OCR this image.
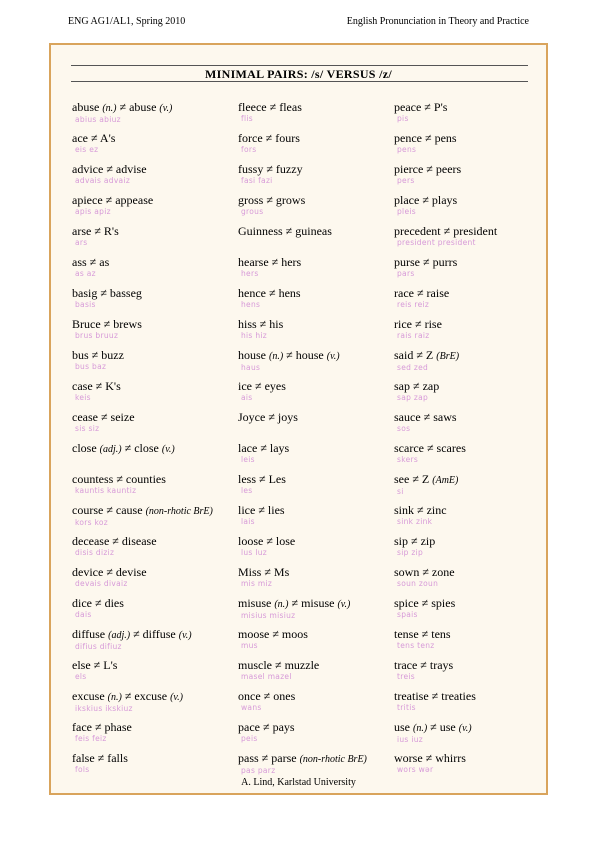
ENG AG1/AL1, Spring 2010	English Pronunciation in Theory and Practice
MINIMAL PAIRS: /s/ VERSUS /z/
abuse (n.) ≠ abuse (v.)
abius abiuz
ace ≠ A's
eis ez
advice ≠ advise
advais advaiz
apiece ≠ appease
apis apiz
arse ≠ R's
ars
ass ≠ as
as az
basig ≠ basseg
basis
Bruce ≠ brews
brus bruuz
bus ≠ buzz
bus baz
case ≠ K's
keis
cease ≠ seize
sis siz
close (adj.) ≠ close (v.)
countess ≠ counties
kauntis kauntiz
course ≠ cause (non-rhotic BrE)
kors koz
decease ≠ disease
disis diziz
device ≠ devise
devais divaiz
dice ≠ dies
dais
diffuse (adj.) ≠ diffuse (v.)
difius difiuz
else ≠ L's
els
excuse (n.) ≠ excuse (v.)
ikskius ikskiuz
face ≠ phase
feis feiz
false ≠ falls
fols
fleece ≠ fleas
flis
force ≠ fours
fors
fussy ≠ fuzzy
fasi fazi
gross ≠ grows
grous
Guinness ≠ guineas
hearse ≠ hers
hers
hence ≠ hens
hens
hiss ≠ his
his hiz
house (n.) ≠ house (v.)
haus
ice ≠ eyes
ais
Joyce ≠ joys
lace ≠ lays
leis
less ≠ Les
les
lice ≠ lies
lais
loose ≠ lose
lus luz
Miss ≠ Ms
mis miz
misuse (n.) ≠ misuse (v.)
misius misiuz
moose ≠ moos
mus
muscle ≠ muzzle
masel mazel
once ≠ ones
wans
pace ≠ pays
peis
pass ≠ parse (non-rhotic BrE)
pas parz
peace ≠ P's
pis
pence ≠ pens
pens
pierce ≠ peers
pers
place ≠ plays
pleis
precedent ≠ president
president president
purse ≠ purrs
pars
race ≠ raise
reis reiz
rice ≠ rise
rais raiz
said ≠ Z (BrE)
sed zed
sap ≠ zap
sap zap
sauce ≠ saws
sos
scarce ≠ scares
skers
see ≠ Z (AmE)
si
sink ≠ zinc
sink zink
sip ≠ zip
sip zip
sown ≠ zone
soun zoun
spice ≠ spies
spais
tense ≠ tens
tens tenz
trace ≠ trays
treis
treatise ≠ treaties
tritis
use (n.) ≠ use (v.)
ius iuz
worse ≠ whirrs
wors wər
A. Lind, Karlstad University
